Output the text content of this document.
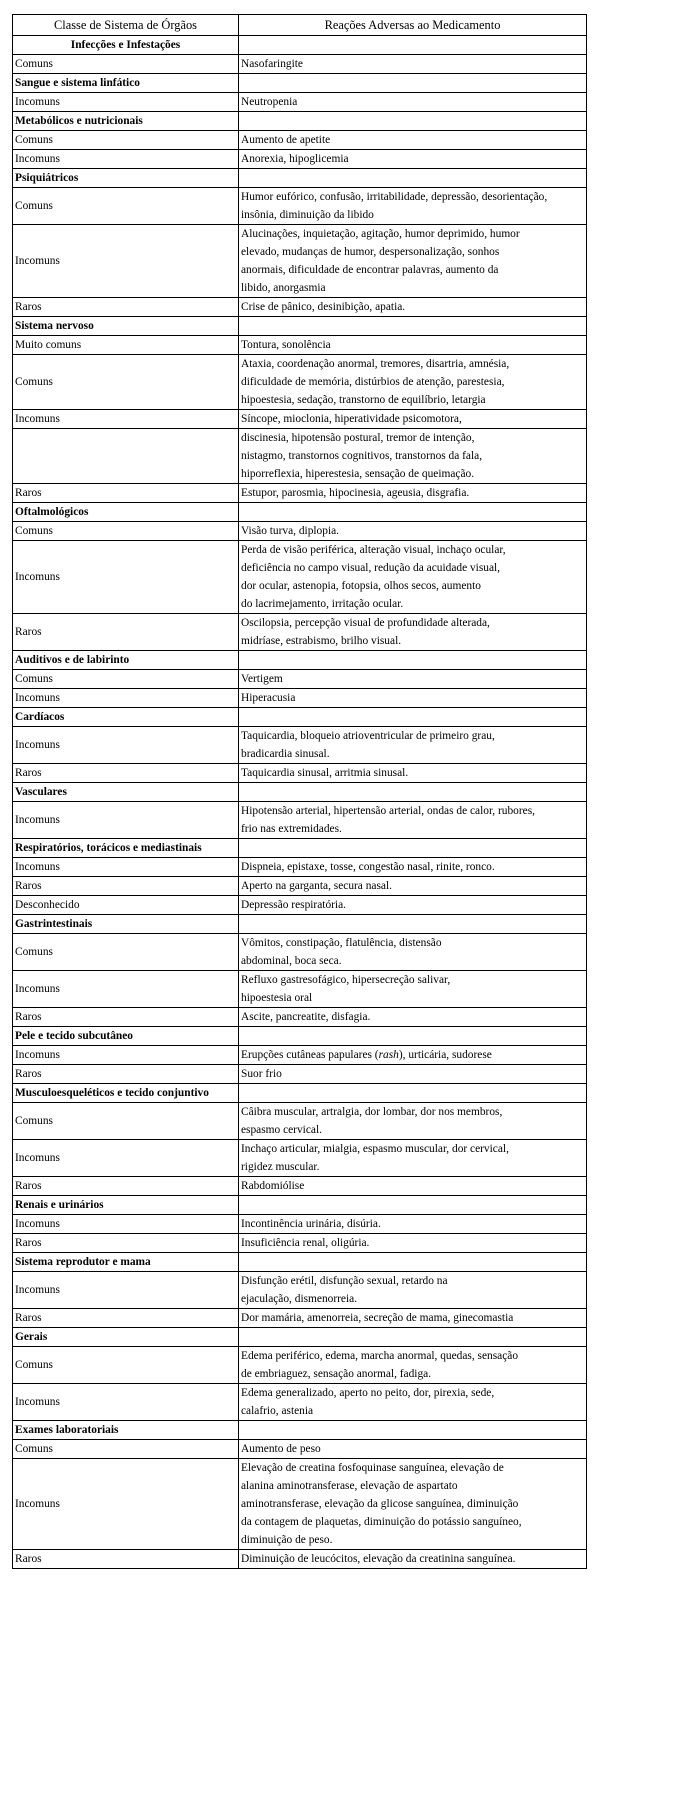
Classe de Sistema de Órgãos	Reações Adversas ao Medicamento
Infecções e Infestações	
Comuns	Nasofaringite

Sangue e sistema linfático	
Incomuns	Neutropenia

Metabólicos e nutricionais	
Comuns	Aumento de apetite

Incomuns	Anorexia, hipoglicemia

Psiquiátricos	
Comuns	Humor eufórico, confusão, irritabilidade, depressão, desorientação,
insônia, diminuição da libido

Incomuns	Alucinações, inquietação, agitação, humor deprimido, humor
elevado, mudanças de humor, despersonalização, sonhos
anormais, dificuldade de encontrar palavras, aumento da
libido, anorgasmia

Raros	Crise de pânico, desinibição, apatia.

Sistema nervoso	
Muito comuns	Tontura, sonolência

Comuns	Ataxia, coordenação anormal, tremores, disartria, amnésia,
dificuldade de memória, distúrbios de atenção, parestesia,
hipoestesia, sedação, transtorno de equilíbrio, letargia

Incomuns	Síncope, mioclonia, hiperatividade psicomotora,

	discinesia, hipotensão postural, tremor de intenção,
nistagmo, transtornos cognitivos, transtornos da fala,
hiporreflexia, hiperestesia, sensação de queimação.

Raros	Estupor, parosmia, hipocinesia, ageusia, disgrafia.

Oftalmológicos	
Comuns	Visão turva, diplopia.

Incomuns	Perda de visão periférica, alteração visual, inchaço ocular,
deficiência no campo visual, redução da acuidade visual,
dor ocular, astenopia, fotopsia, olhos secos, aumento
do lacrimejamento, irritação ocular.

Raros	Oscilopsia, percepção visual de profundidade alterada,
midríase, estrabismo, brilho visual.

Auditivos e de labirinto	
Comuns	Vertigem

Incomuns	Hiperacusia

Cardíacos	
Incomuns	Taquicardia, bloqueio atrioventricular de primeiro grau,
bradicardia sinusal.

Raros	Taquicardia sinusal, arritmia sinusal.

Vasculares	
Incomuns	Hipotensão arterial, hipertensão arterial, ondas de calor, rubores,
frio nas extremidades.

Respiratórios, torácicos e mediastinais	
Incomuns	Dispneia, epistaxe, tosse, congestão nasal, rinite, ronco.

Raros	Aperto na garganta, secura nasal.

Desconhecido	Depressão respiratória.

Gastrintestinais	
Comuns	Vômitos, constipação, flatulência, distensão
abdominal, boca seca.

Incomuns	Refluxo gastresofágico, hipersecreção salivar,
hipoestesia oral

Raros	Ascite, pancreatite, disfagia.

Pele e tecido subcutâneo	
Incomuns	Erupções cutâneas papulares (rash), urticária, sudorese

Raros	Suor frio

Musculoesqueléticos e tecido conjuntivo	
Comuns	Câibra muscular, artralgia, dor lombar, dor nos membros,
espasmo cervical.

Incomuns	Inchaço articular, mialgia, espasmo muscular, dor cervical,
rigidez muscular.

Raros	Rabdomiólise

Renais e urinários	
Incomuns	Incontinência urinária, disúria.

Raros	Insuficiência renal, oligúria.

Sistema reprodutor e mama	
Incomuns	Disfunção erétil, disfunção sexual, retardo na
ejaculação, dismenorreia.

Raros	Dor mamária, amenorreia, secreção de mama, ginecomastia

Gerais	
Comuns	Edema periférico, edema, marcha anormal, quedas, sensação
de embriaguez, sensação anormal, fadiga.

Incomuns	Edema generalizado, aperto no peito, dor, pirexia, sede,
calafrio, astenia

Exames laboratoriais	
Comuns	Aumento de peso

Incomuns	Elevação de creatina fosfoquinase sanguínea, elevação de
alanina aminotransferase, elevação de aspartato
aminotransferase, elevação da glicose sanguínea, diminuição
da contagem de plaquetas, diminuição do potássio sanguíneo,
diminuição de peso.

Raros	Diminuição de leucócitos, elevação da creatinina sanguínea.
